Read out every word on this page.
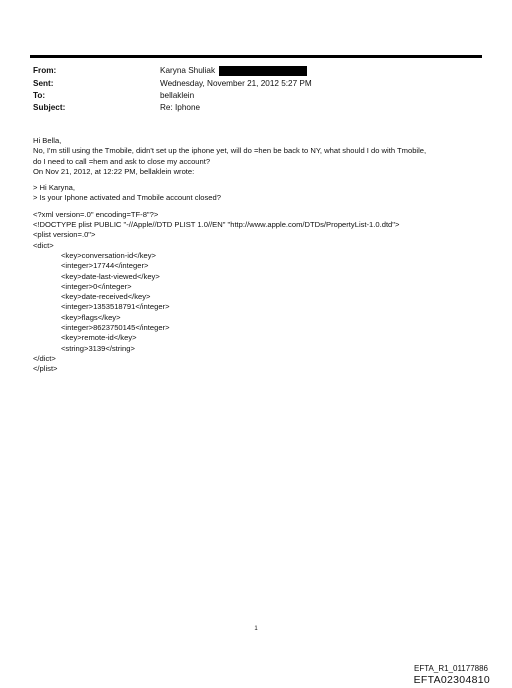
From:	Karyna Shuliak
Sent:	Wednesday, November 21, 2012 5:27 PM
To:	bellaklein
Subject:	Re: Iphone
Hi Bella,
No, I'm still using the Tmobile, didn't set up the iphone yet, will do =hen be back to NY, what should I do with Tmobile,
do I need to call =hem and ask to close my account?
On Nov 21, 2012, at 12:22 PM, bellaklein wrote:
> Hi Karyna,
> Is your Iphone activated and Tmobile account closed?
<?xml version=.0" encoding=TF-8"?>
<!DOCTYPE plist PUBLIC "-//Apple//DTD PLIST 1.0//EN" "http://www.apple.com/DTDs/PropertyList-1.0.dtd">
<plist version=.0">
<dict>
<key>conversation-id</key>
<integer>17744</integer>
<key>date-last-viewed</key>
<integer>0</integer>
<key>date-received</key>
<integer>1353518791</integer>
<key>flags</key>
<integer>8623750145</integer>
<key>remote-id</key>
<string>3139</string>
</dict>
</plist>
1
EFTA_R1_01177886
EFTA02304810
